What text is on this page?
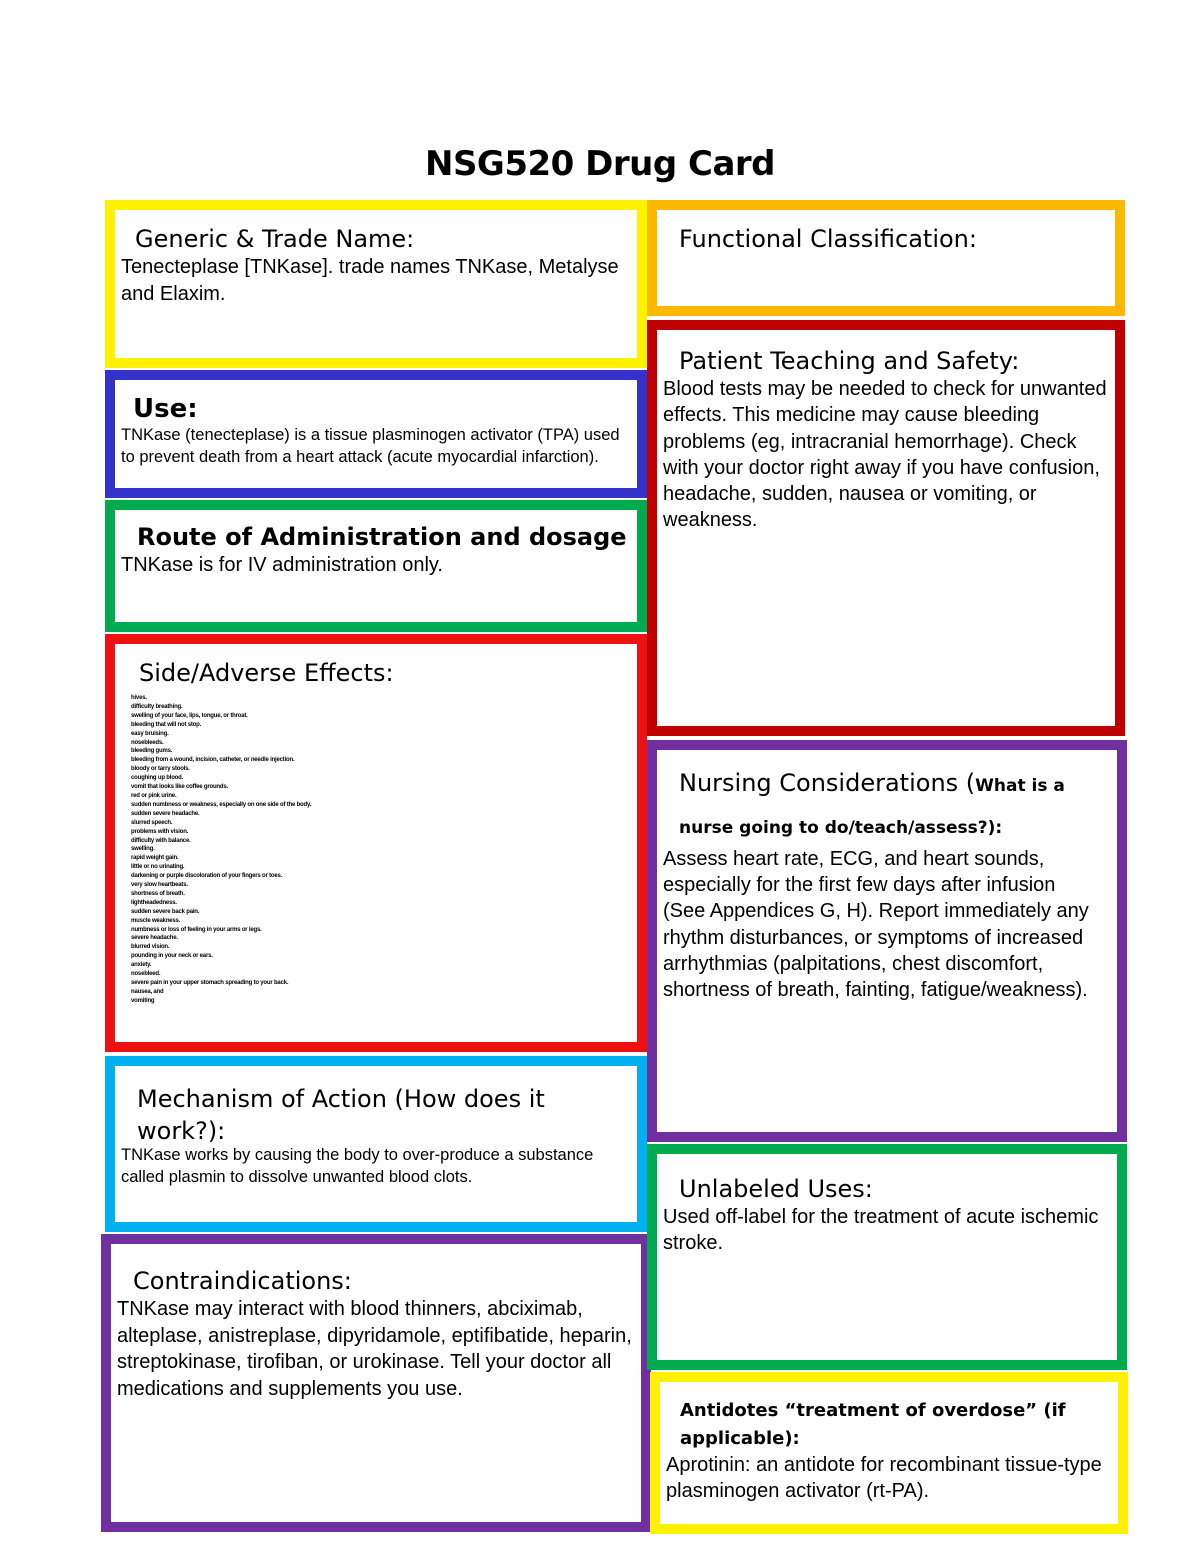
NSG520 Drug Card
Generic & Trade Name:
Tenecteplase [TNKase]. trade names TNKase, Metalyse and Elaxim.
Use:
TNKase (tenecteplase) is a tissue plasminogen activator (TPA) used to prevent death from a heart attack (acute myocardial infarction).
Route of Administration and dosage
TNKase is for IV administration only.
Side/Adverse Effects:
hives.
difficulty breathing.
swelling of your face, lips, tongue, or throat.
bleeding that will not stop.
easy bruising.
nosebleeds.
bleeding gums.
bleeding from a wound, incision, catheter, or needle injection.
bloody or tarry stools.
coughing up blood.
vomit that looks like coffee grounds.
red or pink urine.
sudden numbness or weakness, especially on one side of the body.
sudden severe headache.
slurred speech.
problems with vision.
difficulty with balance.
swelling.
rapid weight gain.
little or no urinating.
darkening or purple discoloration of your fingers or toes.
very slow heartbeats.
shortness of breath.
lightheadedness.
sudden severe back pain.
muscle weakness.
numbness or loss of feeling in your arms or legs.
severe headache.
blurred vision.
pounding in your neck or ears.
anxiety.
nosebleed.
severe pain in your upper stomach spreading to your back.
nausea, and
vomiting
Mechanism of Action (How does it
work?):
TNKase works by causing the body to over-produce a substance called plasmin to dissolve unwanted blood clots.
Contraindications:
TNKase may interact with blood thinners, abciximab, alteplase, anistreplase, dipyridamole, eptifibatide, heparin, streptokinase, tirofiban, or urokinase. Tell your doctor all medications and supplements you use.
Functional Classification:
Patient Teaching and Safety:
Blood tests may be needed to check for unwanted effects. This medicine may cause bleeding problems (eg, intracranial hemorrhage). Check with your doctor right away if you have confusion, headache, sudden, nausea or vomiting, or weakness.
Nursing Considerations (What is a
nurse going to do/teach/assess?):
Assess heart rate, ECG, and heart sounds, especially for the first few days after infusion (See Appendices G, H). Report immediately any rhythm disturbances, or symptoms of increased arrhythmias (palpitations, chest discomfort, shortness of breath, fainting, fatigue/weakness).
Unlabeled Uses:
Used off-label for the treatment of acute ischemic stroke.
Antidotes “treatment of overdose” (if
applicable):
Aprotinin: an antidote for recombinant tissue-type plasminogen activator (rt-PA).
